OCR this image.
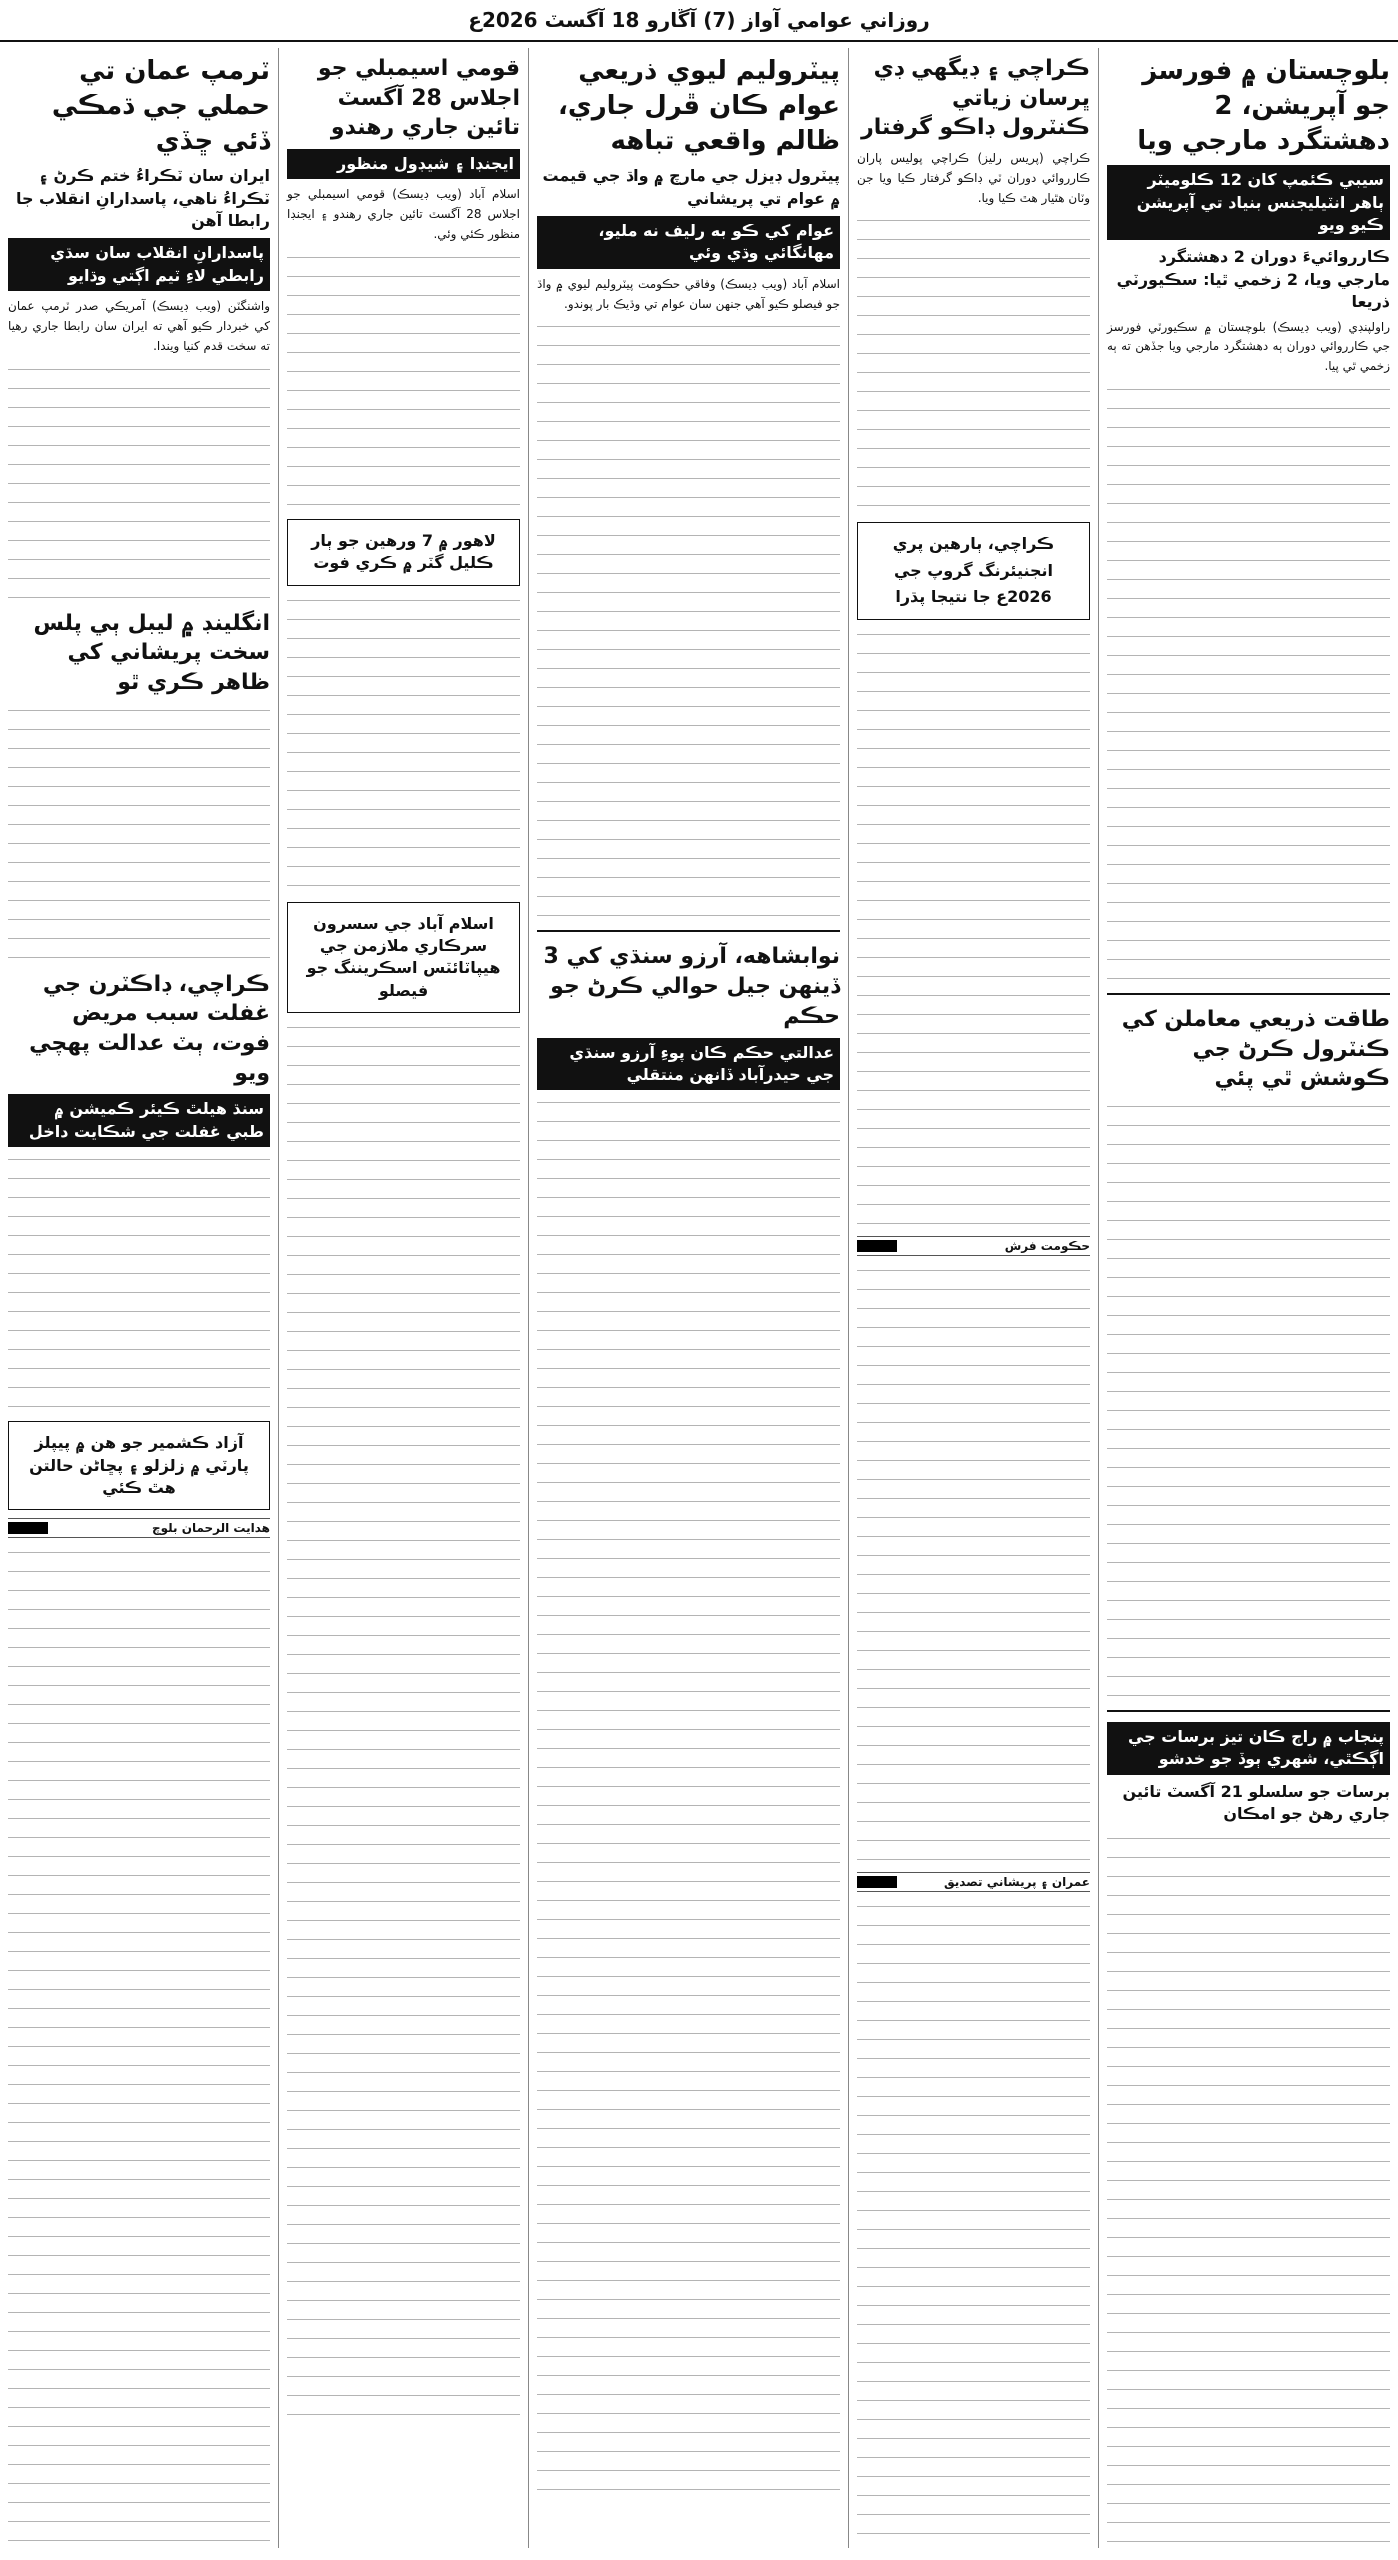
روزاني عوامي آواز (7) آڱارو 18 آگسٽ 2026ع
بلوچستان ۾ فورسز جو آپريشن، 2 دهشتگرد مارجي ويا
سيبي ڪئمپ کان 12 ڪلوميٽر ٻاهر انٽيليجنس بنياد تي آپريشن ڪيو ويو
ڪارروائيءَ دوران 2 دهشتگرد مارجي ويا، 2 زخمي ٿيا: سڪيورٽي ذريعا
راولپنڊي (ويب ڊيسڪ) بلوچستان ۾ سڪيورٽي فورسز جي ڪارروائي دوران ٻه دهشتگرد مارجي ويا جڏهن ته ٻه زخمي ٿي پيا.
طاقت ذريعي معاملن کي ڪنٽرول ڪرڻ جي ڪوشش ٿي پئي
پنجاب ۾ راڄ ڪان تيز برسات جي اڳڪٿي، شهري ٻوڏ جو خدشو
برسات جو سلسلو 21 آگسٽ تائين جاري رهڻ جو امڪان
ڪراچي ۽ ڊيگهي ڊي ڀرسان زياتي ڪنٽرول ڊاڪو گرفتار
ڪراچي (پريس رليز) ڪراچي پوليس پاران ڪارروائي دوران ٽي ڊاڪو گرفتار ڪيا ويا جن وٽان هٿيار هٿ ڪيا ويا.
ڪراچي، ٻارهين پري
انجنيئرنگ گروپ جي
2026ع جا نتيجا پڌرا
حڪومت فرش
عمران ۽ پريشاني تصديق
پيٽروليم ليوي ذريعي عوام ڪان ڦرل جاري، ظالم واقعي تباهه
پيٽرول ڊيزل جي مارچ ۾ واڌ جي قيمت ۾ عوام تي پريشاني
عوام کي ڪو به رليف نه مليو، مهانگائي وڌي وئي
اسلام آباد (ويب ڊيسڪ) وفاقي حڪومت پيٽروليم ليوي ۾ واڌ جو فيصلو ڪيو آهي جنهن سان عوام تي وڌيڪ بار پوندو.
نوابشاهه، آرزو سنڌي کي 3 ڏينهن جيل حوالي ڪرڻ جو حڪم
عدالتي حڪم ڪان پوءِ آرزو سنڌي جي حيدرآباد ڏانهن منتقلي
قومي اسيمبلي جو اجلاس 28 آگسٽ تائين جاري رهندو
ايجنڊا ۽ شيڊول منظور
اسلام آباد (ويب ڊيسڪ) قومي اسيمبلي جو اجلاس 28 آگسٽ تائين جاري رهندو ۽ ايجنڊا منظور ڪئي وئي.
لاهور ۾ 7 ورهين جو ٻار ڪليل گٽر ۾ ڪري فوت
اسلام آباد جي سسرون سرڪاري ملازمن جي هيپاٽائٽس اسڪريننگ جو فيصلو
ٽرمپ عمان تي حملي جي ڌمڪي ڏئي ڇڏي
ايران سان ٽڪراءُ ختم ڪرڻ ۽ ٽڪراءُ ناهي، پاسدارانِ انقلاب جا رابطا آهن
پاسدارانِ انقلاب سان سڌي رابطي لاءِ ٽيم اڳتي وڌايو
واشنگٽن (ويب ڊيسڪ) آمريڪي صدر ٽرمپ عمان کي خبردار ڪيو آهي ته ايران سان رابطا جاري رهيا ته سخت قدم کنيا ويندا.
انگلينڊ ۾ ليبل ٻي پلس سخت پريشاني کي ظاهر ڪري ٿو
ڪراچي، ڊاڪٽرن جي غفلت سبب مريض فوت، ٻٽ عدالت پهچي ويو
سنڌ هيلٿ ڪيئر ڪميشن ۾ طبي غفلت جي شڪايت داخل
آزاد ڪشمير جو هن ۾ پيپلز پارٽي ۾ زلزلو ۽ پڇاڻن حالتن هٿ ڪئي
هدايت الرحمان بلوچ
